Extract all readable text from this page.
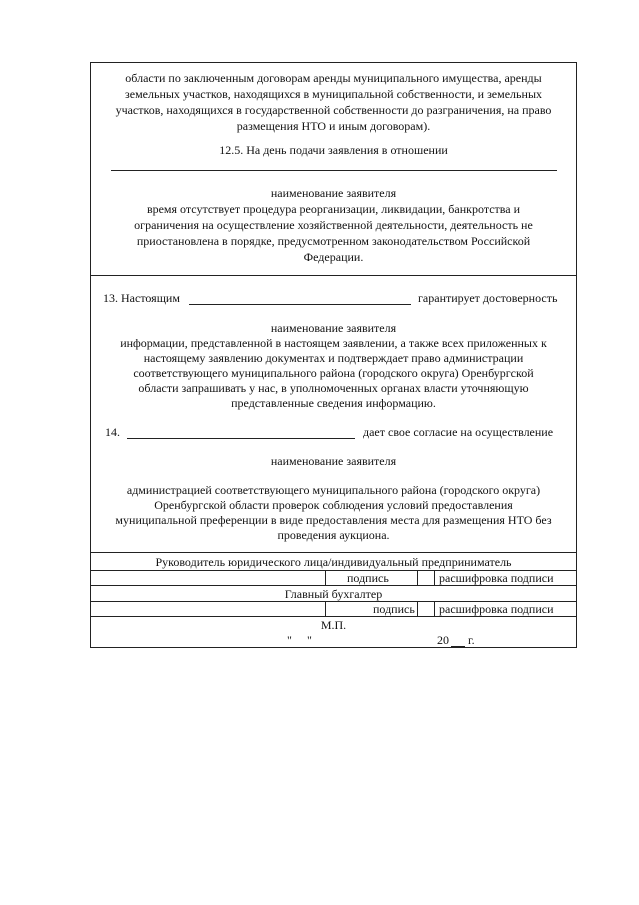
области по заключенным договорам аренды муниципального имущества, аренды
земельных участков, находящихся в муниципальной собственности, и земельных
участков, находящихся в государственной собственности до разграничения, на право
размещения НТО и иным договорам).
12.5. На день подачи заявления в отношении
наименование заявителя
время отсутствует процедура реорганизации, ликвидации, банкротства и
ограничения на осуществление хозяйственной деятельности, деятельность не
приостановлена в порядке, предусмотренном законодательством Российской
Федерации.
13. Настоящим	гарантирует достоверность
наименование заявителя
информации, представленной в настоящем заявлении, а также всех приложенных к
настоящему заявлению документах и подтверждает право администрации
соответствующего муниципального района (городского округа) Оренбургской
области запрашивать у нас, в уполномоченных органах власти уточняющую
представленные сведения информацию.
14.	дает свое согласие на осуществление
наименование заявителя
администрацией соответствующего муниципального района (городского округа)
Оренбургской области проверок соблюдения условий предоставления
муниципальной преференции в виде предоставления места для размещения НТО без
проведения аукциона.
Руководитель юридического лица/индивидуальный предприниматель
подпись	расшифровка подписи
Главный бухгалтер
подпись расшифровка подписи
М.П.
" "	20 г.
